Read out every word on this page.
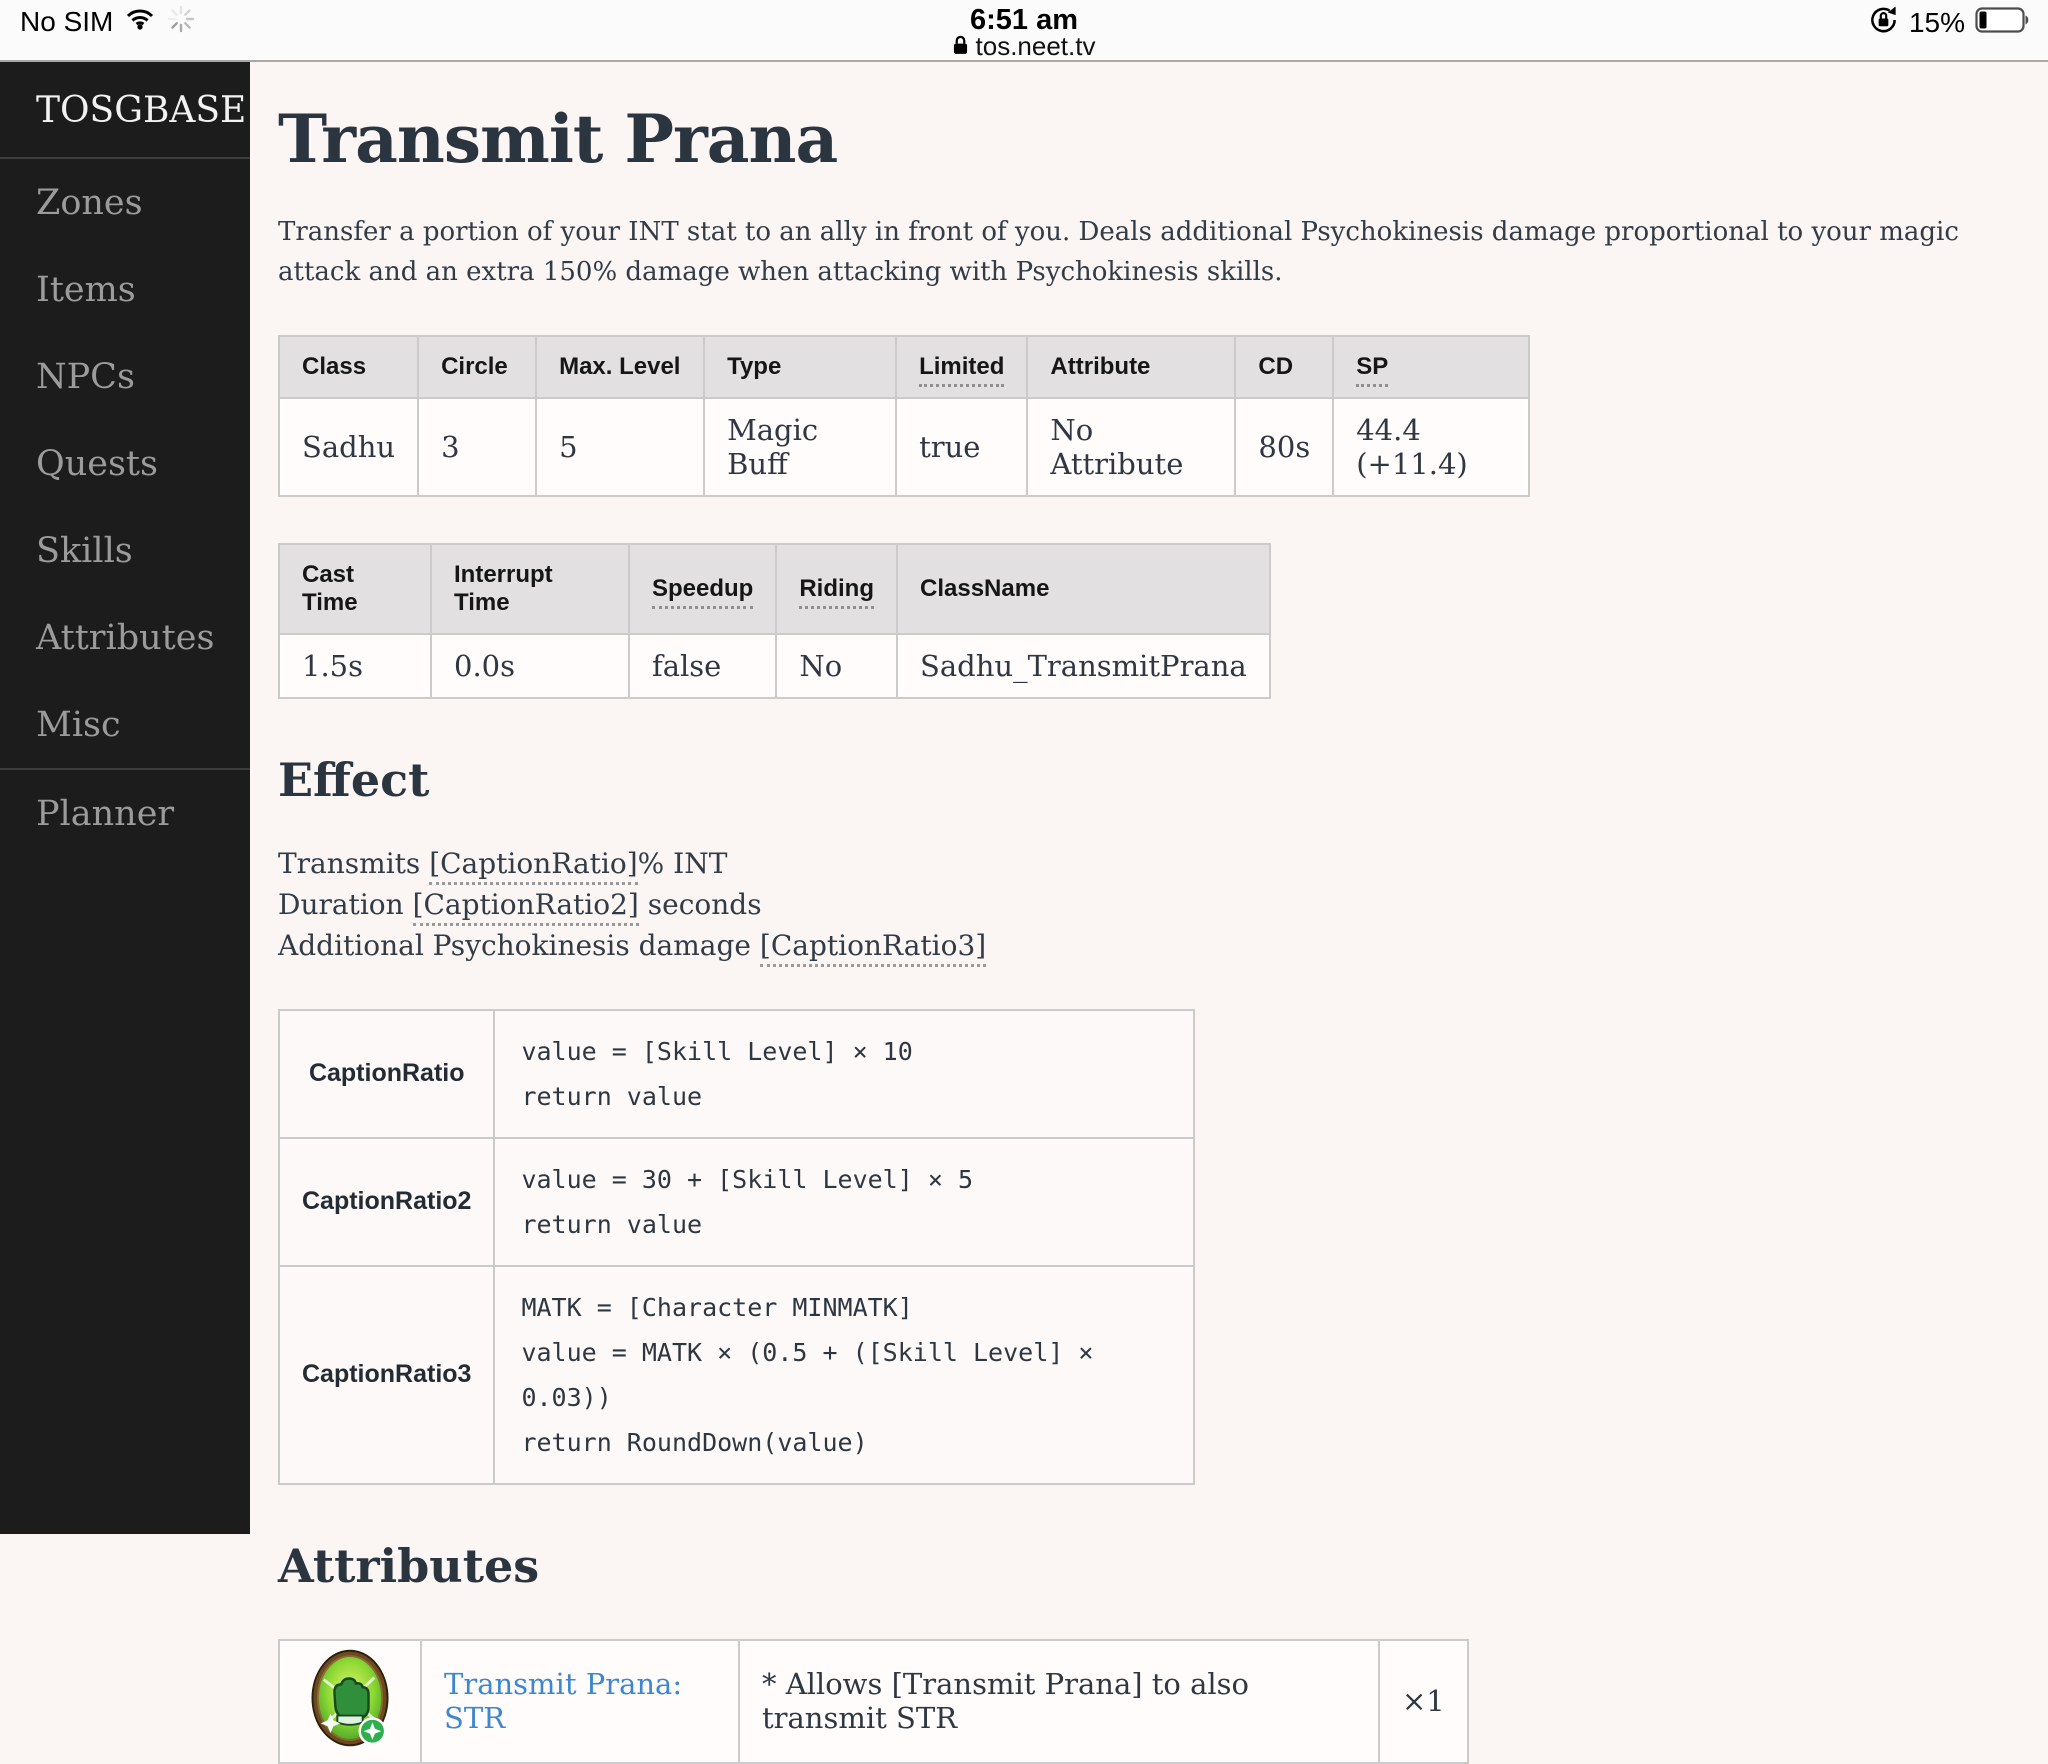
No SIM	6:51 am	15%
tos.neet.tv
TOSGBASE
Zones
Items
NPCs
Quests
Skills
Attributes
Misc
Planner
Transmit Prana

Transfer a portion of your INT stat to an ally in front of you. Deals additional Psychokinesis damage proportional to your magic attack and an extra 150% damage when attacking with Psychokinesis skills.

Class	Circle	Max. Level	Type	Limited	Attribute	CD	SP
Sadhu	3	5	Magic Buff	true	No Attribute	80s	44.4 (+11.4)
Cast Time	Interrupt Time	Speedup	Riding	ClassName
1.5s	0.0s	false	No	Sadhu_TransmitPrana
Effect
Transmits [CaptionRatio]% INT
Duration [CaptionRatio2] seconds
Additional Psychokinesis damage [CaptionRatio3]
CaptionRatio	value = [Skill Level] × 10
return value

CaptionRatio2	value = 30 + [Skill Level] × 5
return value

CaptionRatio3	MATK = [Character MINMATK]
value = MATK × (0.5 + ([Skill Level] × 0.03))
return RoundDown(value)
Attributes
	Transmit Prana: STR	* Allows [Transmit Prana] to also transmit STR	×1
